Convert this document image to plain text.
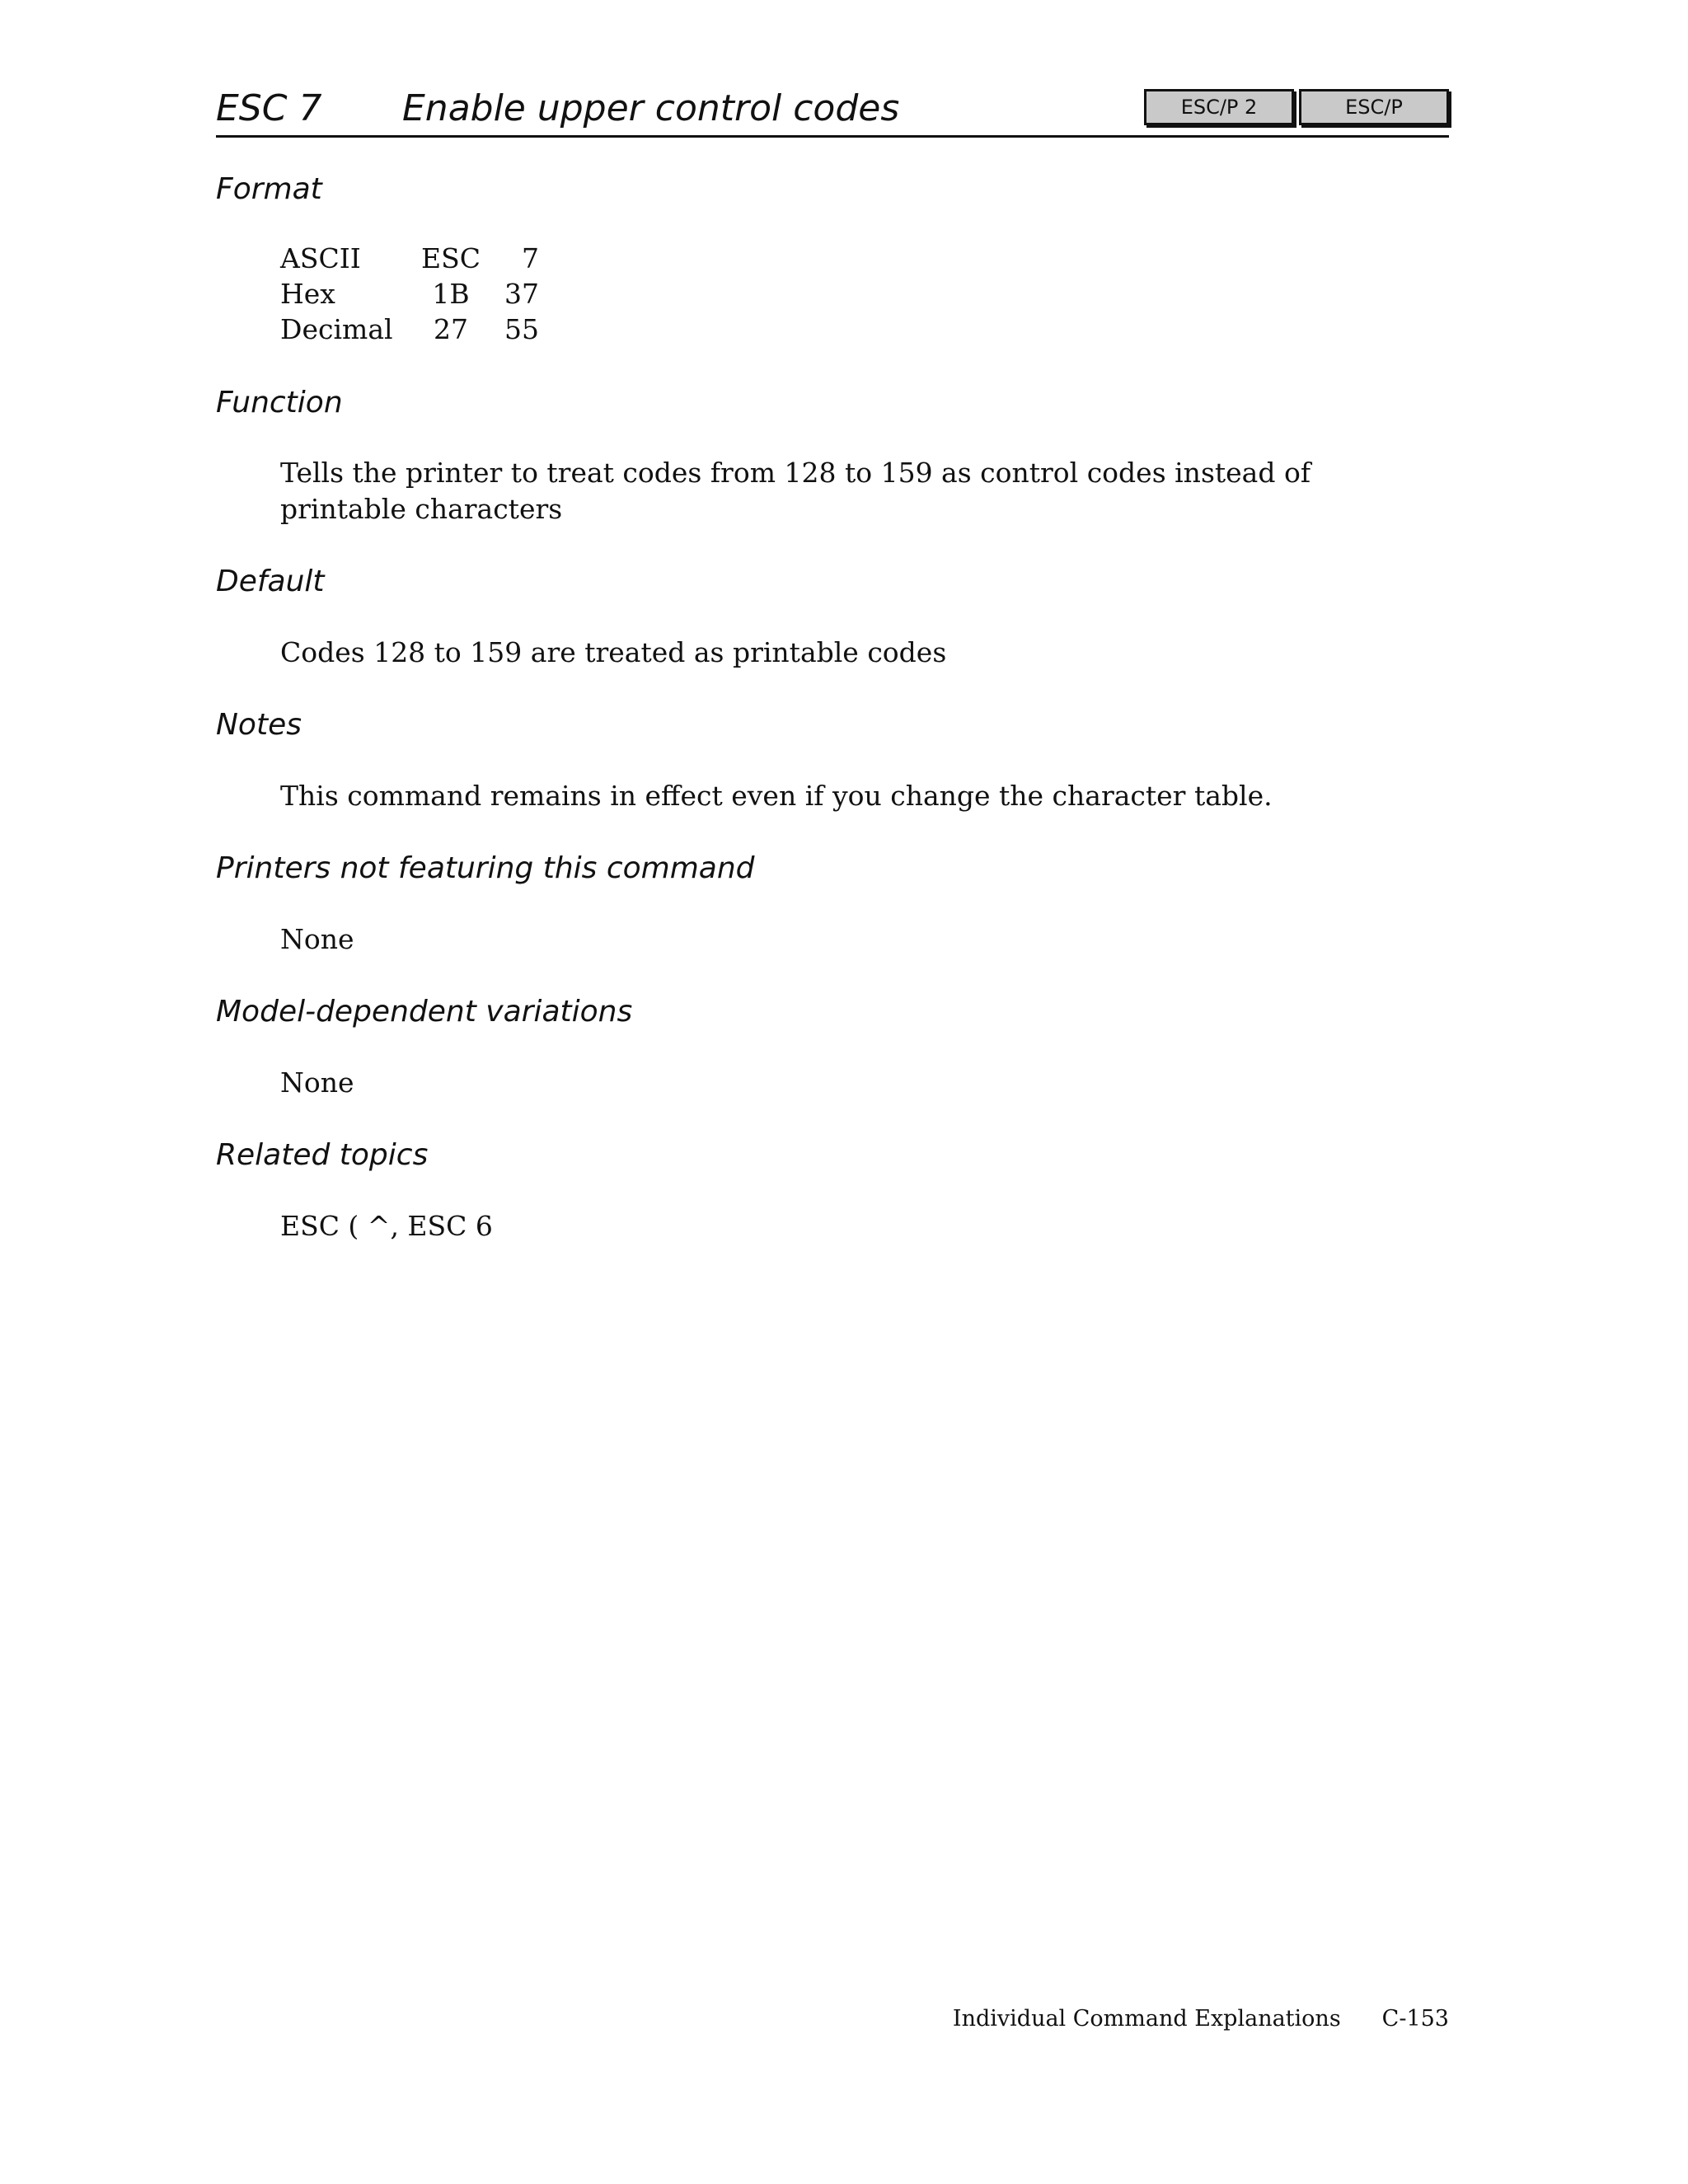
ESC 7 Enable upper control codes	ESC/P 2	ESC/P
Format
ASCII	ESC	7
Hex	1B	37
Decimal	27	55
Function

Tells the printer to treat codes from 128 to 159 as control codes instead of printable characters

Default

Codes 128 to 159 are treated as printable codes

Notes

This command remains in effect even if you change the character table.

Printers not featuring this command

None

Model-dependent variations

None

Related topics

ESC ( ^, ESC 6

Individual Command Explanations C-153
